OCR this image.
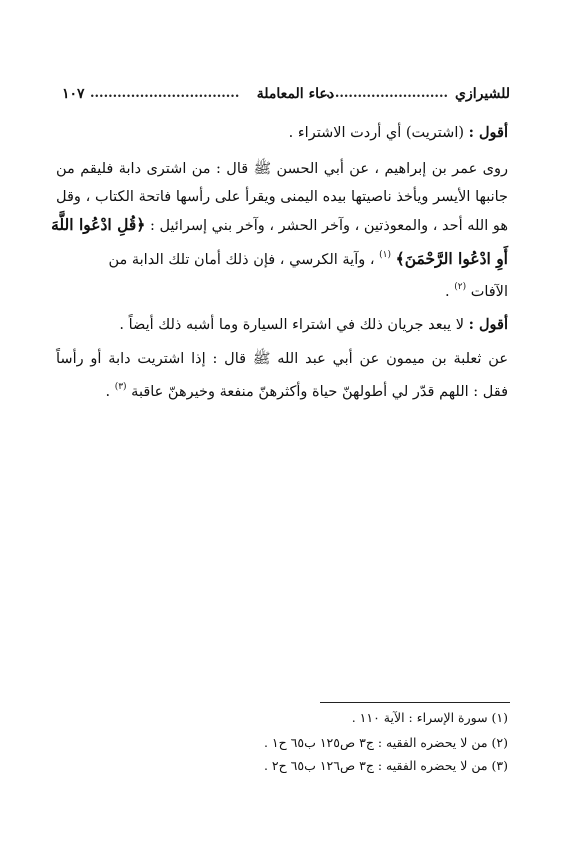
للشيرازي
............................
دعاء المعاملة
.................................
١٠٧
أقول : (اشتريت) أي أردت الاشتراء .
روى عمر بن إبراهيم ، عن أبي الحسن ﷺ قال : من اشترى دابة فليقم من
جانبها الأيسر ويأخذ ناصيتها بيده اليمنى ويقرأ على رأسها فاتحة الكتاب ، وقل
هو الله أحد ، والمعوذتين ، وآخر الحشر ، وآخر بني إسرائيل : ﴿قُلِ ادْعُوا اللَّهَ
أَوِ ادْعُوا الرَّحْمَنَ﴾ $^{(١)}$ ، وآية الكرسي ، فإن ذلك أمان تلك الدابة من
الآفات $^{(٢)}$ .
أقول : لا يبعد جريان ذلك في اشتراء السيارة وما أشبه ذلك أيضاً .
عن ثعلبة بن ميمون عن أبي عبد الله ﷺ قال : إذا اشتريت دابة أو رأساً
فقل : اللهم قدّر لي أطولهنّ حياة وأكثرهنّ منفعة وخيرهنّ عاقبة $^{(٣)}$ .
(١) سورة الإسراء : الآية ١١٠ .
(٢) من لا يحضره الفقيه : ج٣ ص١٢٥ ب٦٥ ح١ .
(٣) من لا يحضره الفقيه : ج٣ ص١٢٦ ب٦٥ ح٢ .
